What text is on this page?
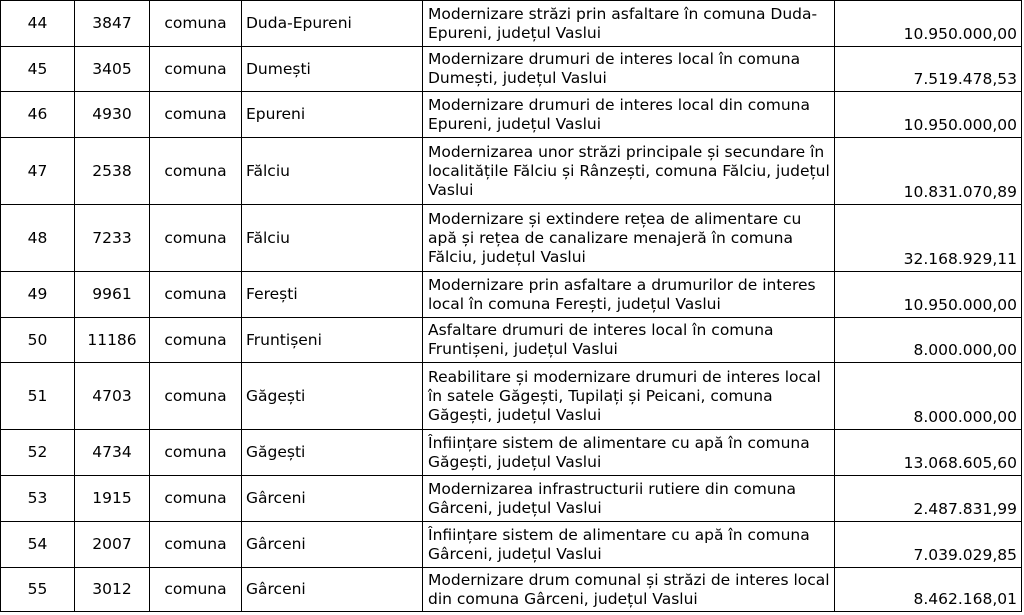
44	3847	comuna	Duda-Epureni	Modernizare străzi prin asfaltare în comuna Duda-Epureni, județul Vaslui	10.950.000,00
45	3405	comuna	Dumești	Modernizare drumuri de interes local în comuna Dumești, județul Vaslui	7.519.478,53
46	4930	comuna	Epureni	Modernizare drumuri de interes local din comuna Epureni, județul Vaslui	10.950.000,00
47	2538	comuna	Fălciu	Modernizarea unor străzi principale și secundare în localitățile Fălciu și Rânzești, comuna Fălciu, județul Vaslui	10.831.070,89
48	7233	comuna	Fălciu	Modernizare și extindere rețea de alimentare cu apă și rețea de canalizare menajeră în comuna Fălciu, județul Vaslui	32.168.929,11
49	9961	comuna	Ferești	Modernizare prin asfaltare a drumurilor de interes local în comuna Ferești, județul Vaslui	10.950.000,00
50	11186	comuna	Fruntișeni	Asfaltare drumuri de interes local în comuna Fruntișeni, județul Vaslui	8.000.000,00
51	4703	comuna	Găgești	Reabilitare și modernizare drumuri de interes local în satele Găgești, Tupilați și Peicani, comuna Găgești, județul Vaslui	8.000.000,00
52	4734	comuna	Găgești	Înființare sistem de alimentare cu apă în comuna Găgești, județul Vaslui	13.068.605,60
53	1915	comuna	Gârceni	Modernizarea infrastructurii rutiere din comuna Gârceni, județul Vaslui	2.487.831,99
54	2007	comuna	Gârceni	Înființare sistem de alimentare cu apă în comuna Gârceni, județul Vaslui	7.039.029,85
55	3012	comuna	Gârceni	Modernizare drum comunal și străzi de interes local din comuna Gârceni, județul Vaslui	8.462.168,01
